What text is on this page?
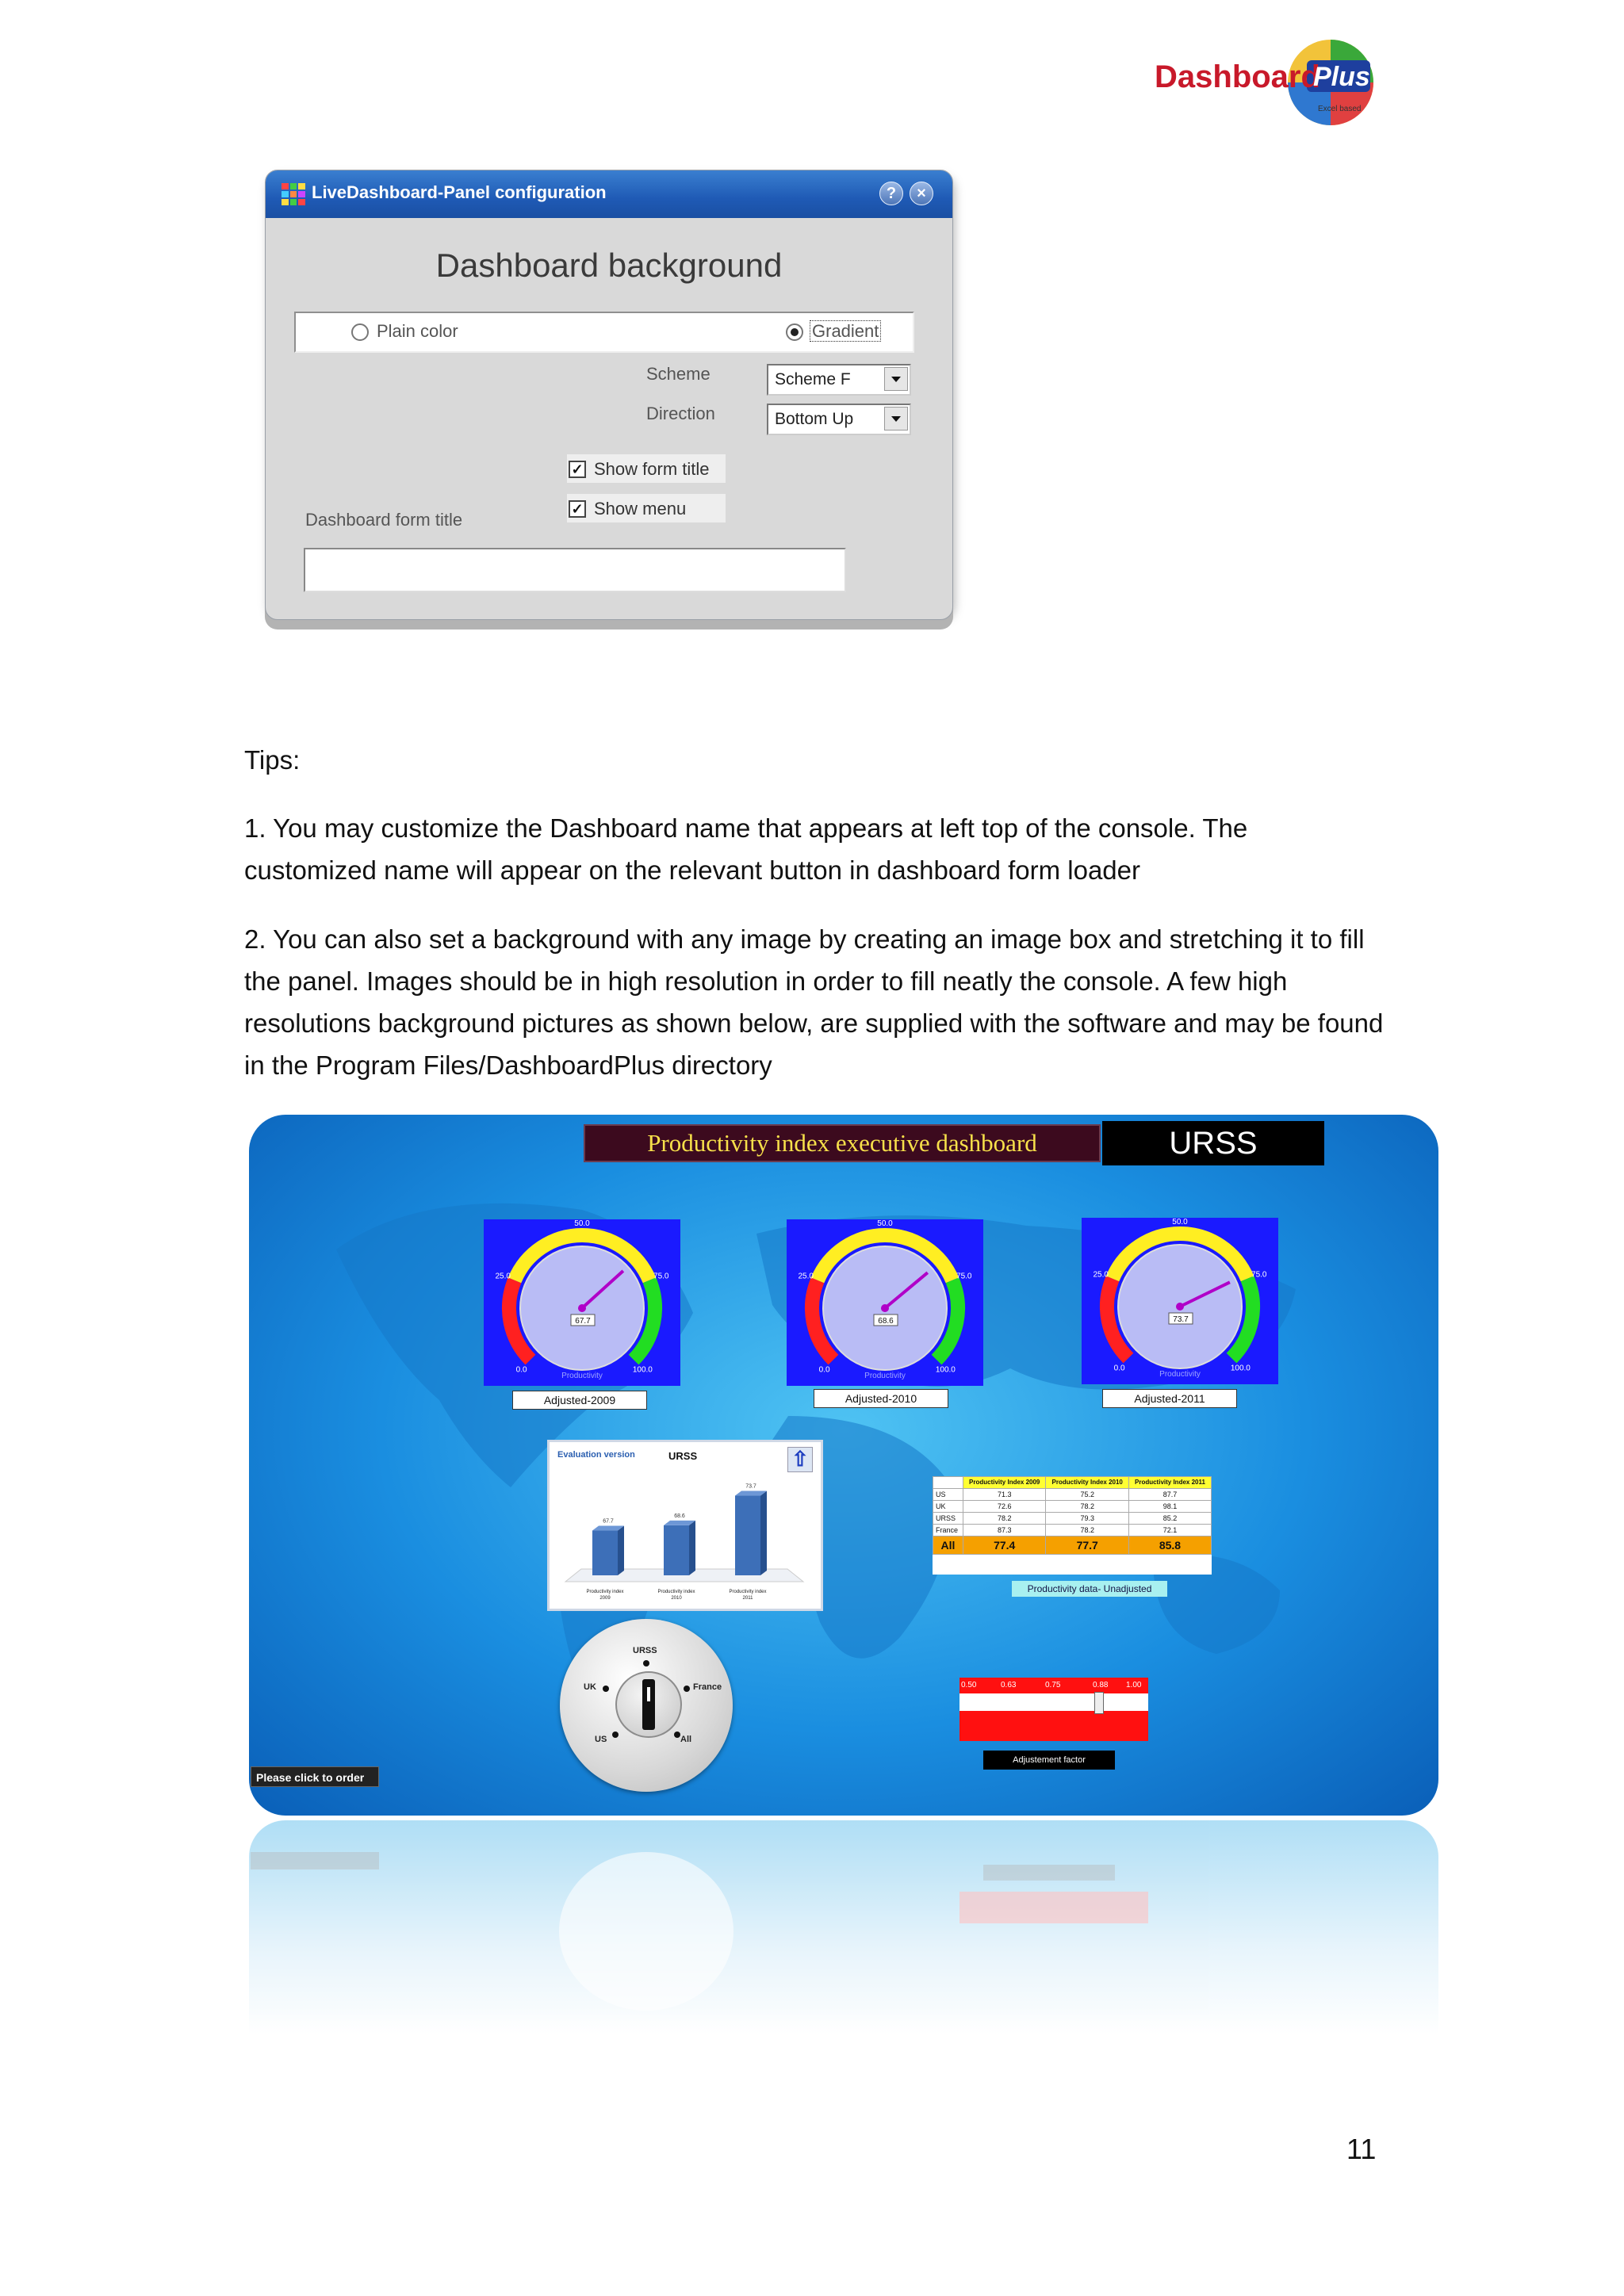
Dashboard
Plus
Excel based
LiveDashboard-Panel configuration	?	×
Dashboard background
Plain color	Gradient
Scheme	Scheme F
Direction	Bottom Up
✓ Show form title
✓ Show menu
Dashboard form title
Tips:
1. You may customize the Dashboard name that appears at left top of the console. The customized name will appear on the relevant button in dashboard form loader
2. You can also set a background with any image by creating an image box and stretching it to fill the panel. Images should be in high resolution in order to fill neatly the console. A few high resolutions background pictures as shown below, are supplied with the software and may be found in the Program Files/DashboardPlus directory
Productivity index executive dashboard	URSS
0.0
25.0
50.0
75.0
100.0
67.7
Productivity
Adjusted-2009
0.0
25.0
50.0
75.0
100.0
68.6
Productivity
Adjusted-2010
0.0
25.0
50.0
75.0
100.0
73.7
Productivity
Adjusted-2011
Evaluation version	URSS	⇧
67.7
Productivity index
2009
68.6
Productivity index
2010
73.7
Productivity index
2011
	Productivity Index 2009	Productivity Index 2010	Productivity Index 2011
US	71.3	75.2	87.7
UK	72.6	78.2	98.1
URSS	78.2	79.3	85.2
France	87.3	78.2	72.1
All	77.4	77.7	85.8
Productivity data- Unadjusted
URSS
UK	France
US	All
0.50	0.63	0.75	0.88 1.00
Adjustement factor
Please click to order
11
